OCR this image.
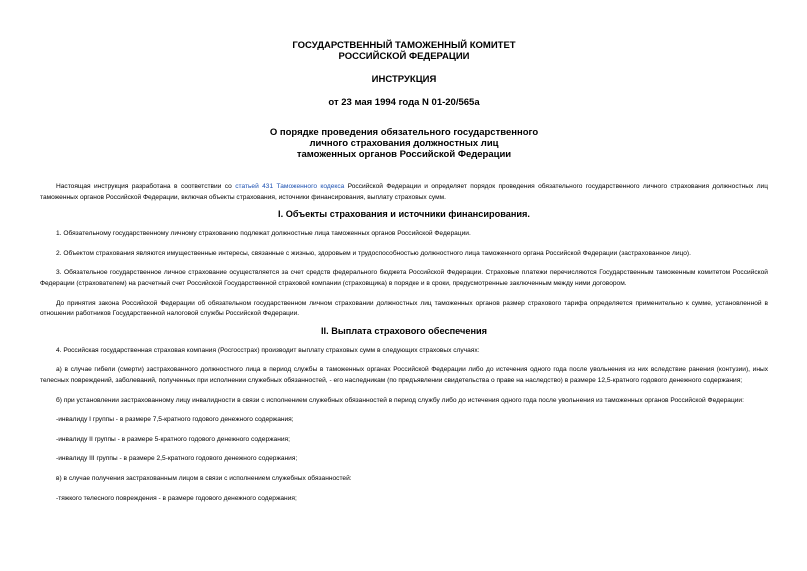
ГОСУДАРСТВЕННЫЙ ТАМОЖЕННЫЙ КОМИТЕТ

РОССИЙСКОЙ ФЕДЕРАЦИИ

ИНСТРУКЦИЯ

от 23 мая 1994 года N 01-20/565а

О порядке проведения обязательного государственного

личного страхования должностных лиц

таможенных органов Российской Федерации

Настоящая инструкция разработана в соответствии со статьей 431 Таможенного кодекса Российской Федерации и определяет порядок проведения обязательного государственного личного страхования должностных лиц таможенных органов Российской Федерации, включая объекты страхования, источники финансирования, выплату страховых сумм.

I. Объекты страхования и источники финансирования.

1. Обязательному государственному личному страхованию подлежат должностные лица таможенных органов Российской Федерации.

2. Объектом страхования являются имущественные интересы, связанные с жизнью, здоровьем и трудоспособностью должностного лица таможенного органа Российской Федерации (застрахованное лицо).

3. Обязательное государственное личное страхование осуществляется за счет средств федерального бюджета Российской Федерации. Страховые платежи перечисляются Государственным таможенным комитетом Российской Федерации (страхователем) на расчетный счет Российской Государственной страховой компании (страховщика) в порядке и в сроки, предусмотренные заключенным между ними договором.

До принятия закона Российской Федерации об обязательном государственном личном страховании должностных лиц таможенных органов размер страхового тарифа определяется применительно к сумме, установленной в отношении работников Государственной налоговой службы Российской Федерации.

II. Выплата страхового обеспечения

4. Российская государственная страховая компания (Росгосстрах) производит выплату страховых сумм в следующих страховых случаях:

а) в случае гибели (смерти) застрахованного должностного лица в период службы в таможенных органах Российской Федерации либо до истечения одного года после увольнения из них вследствие ранения (контузии), иных телесных повреждений, заболеваний, полученных при исполнении служебных обязанностей, - его наследникам (по предъявлении свидетельства о праве на наследство) в размере 12,5-кратного годового денежного содержания;

б) при установлении застрахованному лицу инвалидности в связи с исполнением служебных обязанностей в период службу либо до истечения одного года после увольнения из таможенных органов Российской Федерации:

-инвалиду I группы - в размере 7,5-кратного годового денежного содержания;

-инвалиду II группы - в размере 5-кратного годового денежного содержания;

-инвалиду III группы - в размере 2,5-кратного годового денежного содержания;

в) в случае получения застрахованным лицом в связи с исполнением служебных обязанностей:

-тяжкого телесного повреждения - в размере годового денежного содержания;
